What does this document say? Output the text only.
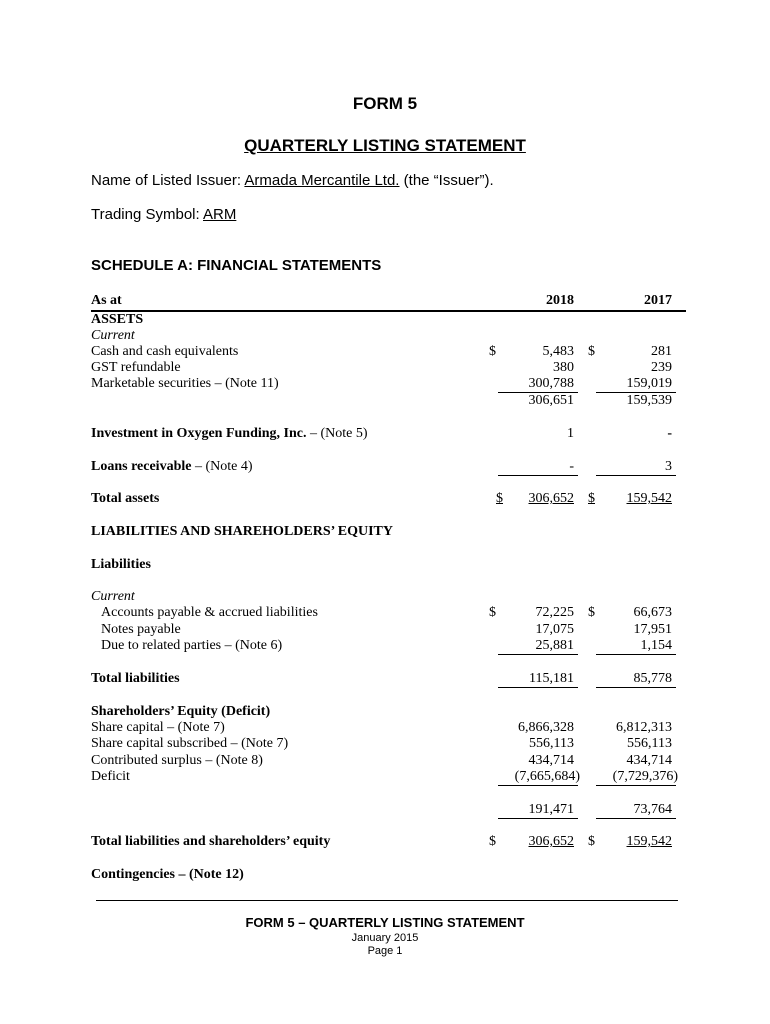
FORM 5
QUARTERLY LISTING STATEMENT
Name of Listed Issuer: Armada Mercantile Ltd. (the “Issuer”).
Trading Symbol: ARM
SCHEDULE A: FINANCIAL STATEMENTS
As at	2018	2017
ASSETS
Current
Cash and cash equivalents	$	5,483 $	281
GST refundable	380	239
Marketable securities – (Note 11)	300,788	159,019
306,651	159,539
Investment in Oxygen Funding, Inc. – (Note 5)	1	-
Loans receivable – (Note 4)	-	3
Total assets	$ 306,652 $ 159,542
LIABILITIES AND SHAREHOLDERS’ EQUITY
Liabilities
Current
Accounts payable & accrued liabilities	$	72,225 $	66,673
Notes payable	17,075	17,951
Due to related parties – (Note 6)	25,881	1,154
Total liabilities	115,181	85,778
Shareholders’ Equity (Deficit)
Share capital – (Note 7)	6,866,328	6,812,313
Share capital subscribed – (Note 7)	556,113	556,113
Contributed surplus – (Note 8)	434,714	434,714
Deficit	(7,665,684) (7,729,376)
191,471	73,764
Total liabilities and shareholders’ equity	$ 306,652 $ 159,542
Contingencies – (Note 12)
FORM 5 – QUARTERLY LISTING STATEMENT
January 2015
Page 1
